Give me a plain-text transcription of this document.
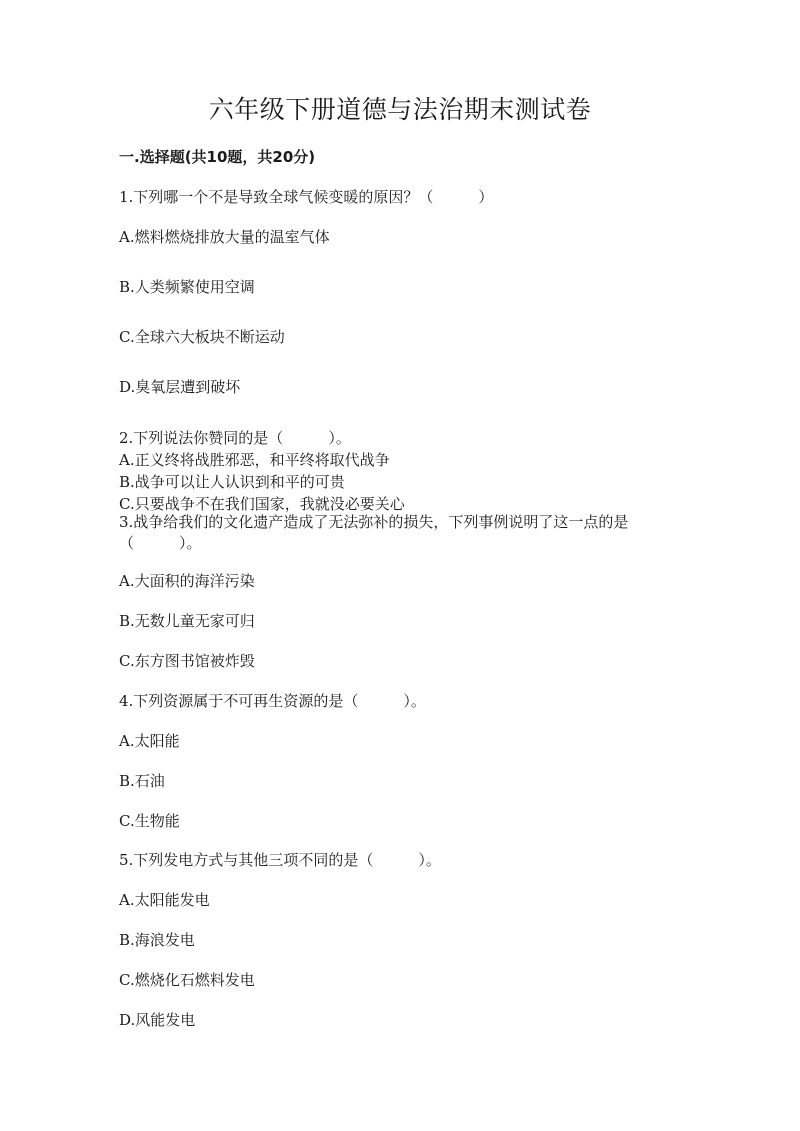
六年级下册道德与法治期末测试卷
一.选择题(共10题，共20分)
1.下列哪一个不是导致全球气候变暖的原因？（　　　）
A.燃料燃烧排放大量的温室气体
B.人类频繁使用空调
C.全球六大板块不断运动
D.臭氧层遭到破坏
2.下列说法你赞同的是（　　　）。
A.正义终将战胜邪恶，和平终将取代战争
B.战争可以让人认识到和平的可贵
C.只要战争不在我们国家，我就没必要关心
3.战争给我们的文化遗产造成了无法弥补的损失，下列事例说明了这一点的是
（　　　）。
A.大面积的海洋污染
B.无数儿童无家可归
C.东方图书馆被炸毁
4.下列资源属于不可再生资源的是（　　　）。
A.太阳能
B.石油
C.生物能
5.下列发电方式与其他三项不同的是（　　　）。
A.太阳能发电
B.海浪发电
C.燃烧化石燃料发电
D.风能发电
